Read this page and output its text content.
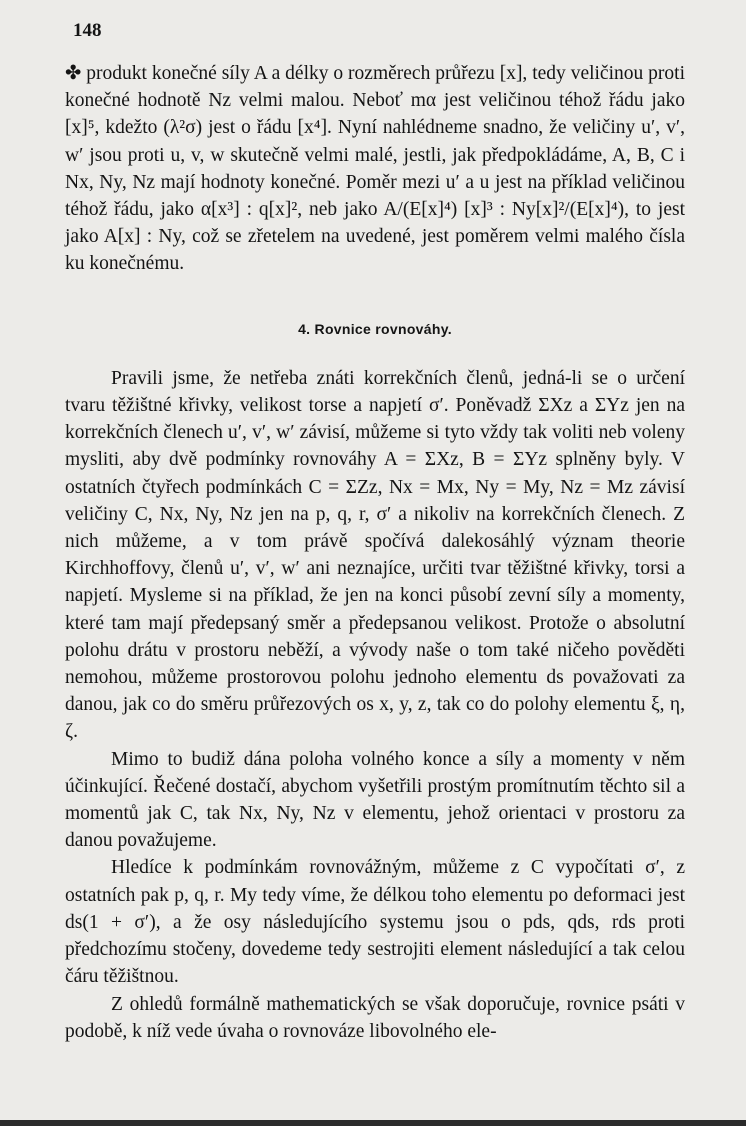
148

✤ produkt konečné síly A a délky o rozměrech průřezu [x], tedy veličinou proti konečné hodnotě Nz velmi malou. Neboť mα jest veličinou téhož řádu jako [x]⁵, kdežto (λ²σ) jest o řádu [x⁴]. Nyní nahlédneme snadno, že veličiny u′, v′, w′ jsou proti u, v, w skutečně velmi malé, jestli, jak předpokládáme, A, B, C i Nx, Ny, Nz mají hodnoty konečné. Poměr mezi u′ a u jest na příklad veličinou téhož řádu, jako α[x³] : q[x]², neb jako A/(E[x]⁴) [x]³ : Ny[x]²/(E[x]⁴), to jest jako A[x] : Ny, což se zřetelem na uvedené, jest poměrem velmi malého čísla ku konečnému.

4. Rovnice rovnováhy.

Pravili jsme, že netřeba znáti korrekčních členů, jedná-li se o určení tvaru těžištné křivky, velikost torse a napjetí σ′. Poněvadž ΣXz a ΣYz jen na korrekčních členech u′, v′, w′ závisí, můžeme si tyto vždy tak voliti neb voleny mysliti, aby dvě podmínky rovnováhy A = ΣXz, B = ΣYz splněny byly. V ostatních čtyřech podmínkách C = ΣZz, Nx = Mx, Ny = My, Nz = Mz závisí veličiny C, Nx, Ny, Nz jen na p, q, r, σ′ a nikoliv na korrekčních členech. Z nich můžeme, a v tom právě spočívá dalekosáhlý význam theorie Kirchhoffovy, členů u′, v′, w′ ani neznajíce, určiti tvar těžištné křivky, torsi a napjetí. Mysleme si na příklad, že jen na konci působí zevní síly a momenty, které tam mají předepsaný směr a předepsanou velikost. Protože o absolutní polohu drátu v prostoru neběží, a vývody naše o tom také ničeho pověděti nemohou, můžeme prostorovou polohu jednoho elementu ds považovati za danou, jak co do směru průřezových os x, y, z, tak co do polohy elementu ξ, η, ζ.

Mimo to budiž dána poloha volného konce a síly a momenty v něm účinkující. Řečené dostačí, abychom vyšetřili prostým promítnutím těchto sil a momentů jak C, tak Nx, Ny, Nz v elementu, jehož orientaci v prostoru za danou považujeme.

Hledíce k podmínkám rovnovážným, můžeme z C vypočítati σ′, z ostatních pak p, q, r. My tedy víme, že délkou toho elementu po deformaci jest ds(1 + σ′), a že osy následujícího systemu jsou o pds, qds, rds proti předchozímu stočeny, dovedeme tedy sestrojiti element následující a tak celou čáru těžištnou.

Z ohledů formálně mathematických se však doporučuje, rovnice psáti v podobě, k níž vede úvaha o rovnováze libovolného ele-
